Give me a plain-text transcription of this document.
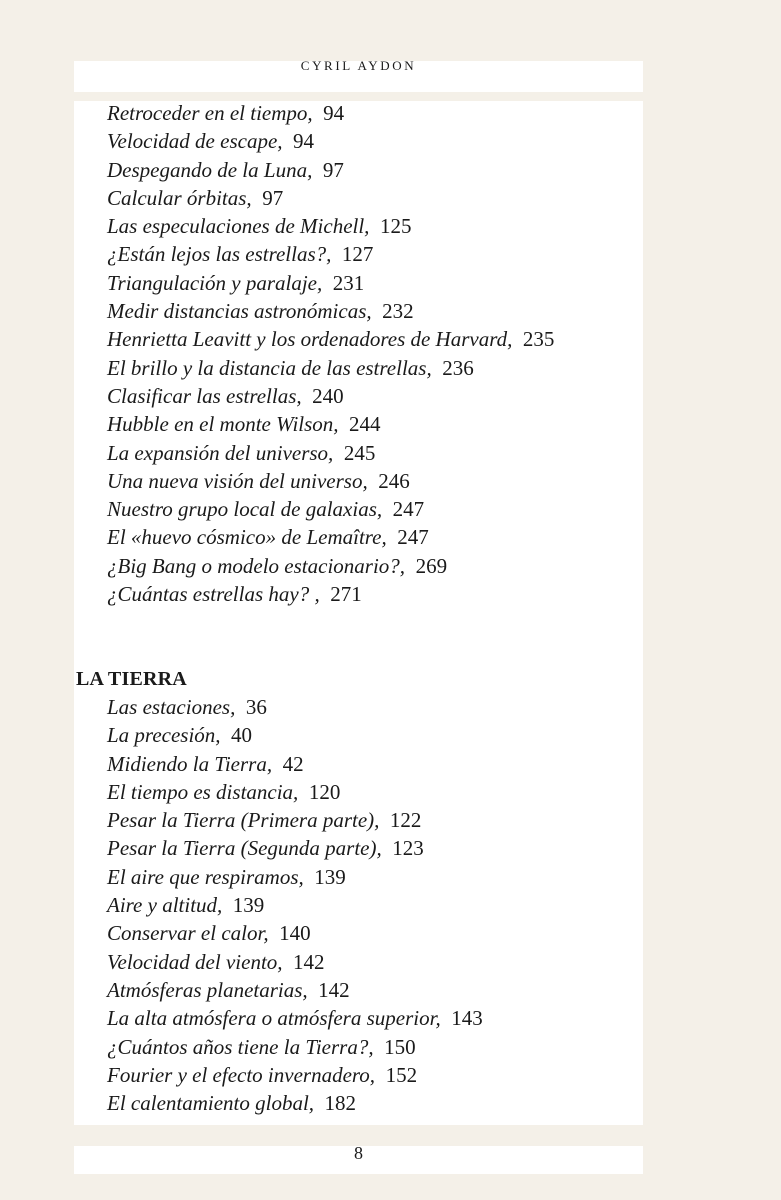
CYRIL AYDON
Retroceder en el tiempo, 94
Velocidad de escape, 94
Despegando de la Luna, 97
Calcular órbitas, 97
Las especulaciones de Michell, 125
¿Están lejos las estrellas?, 127
Triangulación y paralaje, 231
Medir distancias astronómicas, 232
Henrietta Leavitt y los ordenadores de Harvard, 235
El brillo y la distancia de las estrellas, 236
Clasificar las estrellas, 240
Hubble en el monte Wilson, 244
La expansión del universo, 245
Una nueva visión del universo, 246
Nuestro grupo local de galaxias, 247
El «huevo cósmico» de Lemaître, 247
¿Big Bang o modelo estacionario?, 269
¿Cuántas estrellas hay? , 271
LA TIERRA
Las estaciones, 36
La precesión, 40
Midiendo la Tierra, 42
El tiempo es distancia, 120
Pesar la Tierra (Primera parte), 122
Pesar la Tierra (Segunda parte), 123
El aire que respiramos, 139
Aire y altitud, 139
Conservar el calor, 140
Velocidad del viento, 142
Atmósferas planetarias, 142
La alta atmósfera o atmósfera superior, 143
¿Cuántos años tiene la Tierra?, 150
Fourier y el efecto invernadero, 152
El calentamiento global, 182
8
